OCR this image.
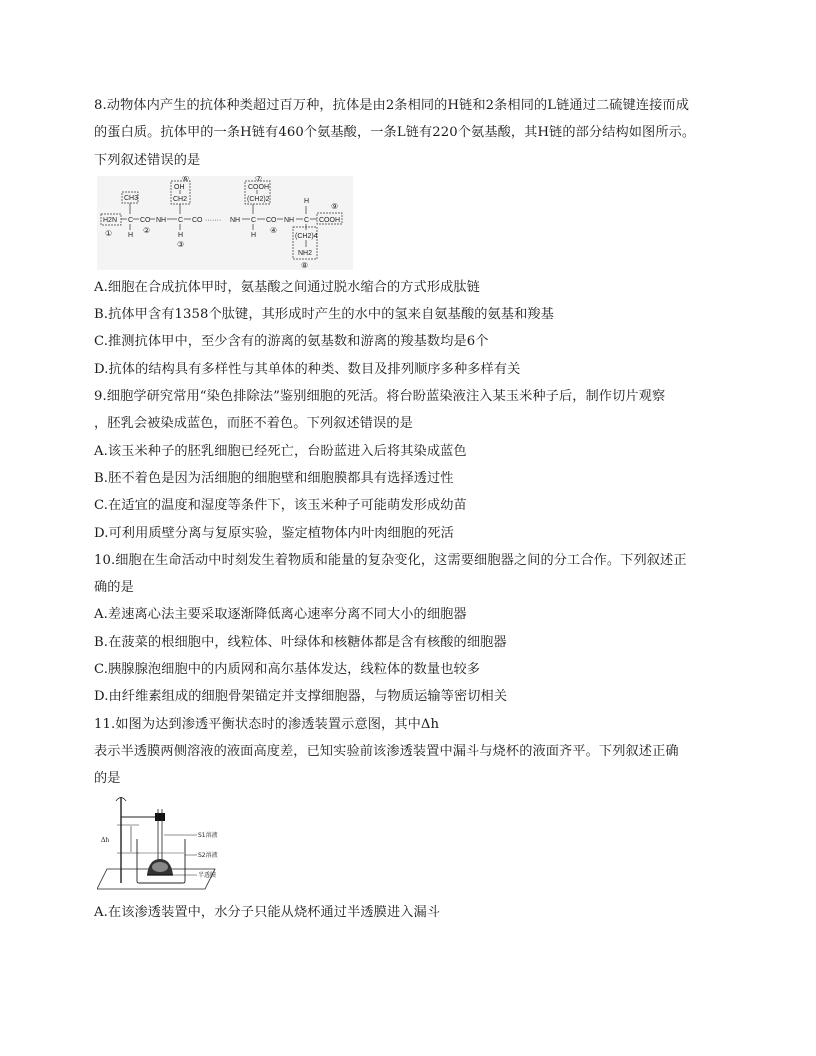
8.动物体内产生的抗体种类超过百万种，抗体是由2条相同的H链和2条相同的L链通过二硫键连接而成
的蛋白质。抗体甲的一条H链有460个氨基酸，一条L链有220个氨基酸，其H链的部分结构如图所示。
下列叙述错误的是
H2N
①
C
CH3
H
CO
②
NH C
⑥
OH
CH2
H
③
CO ······· NH C
⑦
COOH
(CH2)2
H
CO
④
NH C
H
COOH
⑨
(CH2)4
NH2
⑧
A.细胞在合成抗体甲时，氨基酸之间通过脱水缩合的方式形成肽链
B.抗体甲含有1358个肽键，其形成时产生的水中的氢来自氨基酸的氨基和羧基
C.推测抗体甲中，至少含有的游离的氨基数和游离的羧基数均是6个
D.抗体的结构具有多样性与其单体的种类、数目及排列顺序多种多样有关
9.细胞学研究常用“染色排除法”鉴别细胞的死活。将台盼蓝染液注入某玉米种子后，制作切片观察
，胚乳会被染成蓝色，而胚不着色。下列叙述错误的是
A.该玉米种子的胚乳细胞已经死亡，台盼蓝进入后将其染成蓝色
B.胚不着色是因为活细胞的细胞壁和细胞膜都具有选择透过性
C.在适宜的温度和湿度等条件下，该玉米种子可能萌发形成幼苗
D.可利用质壁分离与复原实验，鉴定植物体内叶肉细胞的死活
10.细胞在生命活动中时刻发生着物质和能量的复杂变化，这需要细胞器之间的分工合作。下列叙述正
确的是
A.差速离心法主要采取逐渐降低离心速率分离不同大小的细胞器
B.在菠菜的根细胞中，线粒体、叶绿体和核糖体都是含有核酸的细胞器
C.胰腺腺泡细胞中的内质网和高尔基体发达，线粒体的数量也较多
D.由纤维素组成的细胞骨架锚定并支撑细胞器，与物质运输等密切相关
11.如图为达到渗透平衡状态时的渗透装置示意图，其中Δh
表示半透膜两侧溶液的液面高度差，已知实验前该渗透装置中漏斗与烧杯的液面齐平。下列叙述正确
的是
Δh
S1溶液
S2溶液
半透膜
A.在该渗透装置中，水分子只能从烧杯通过半透膜进入漏斗
